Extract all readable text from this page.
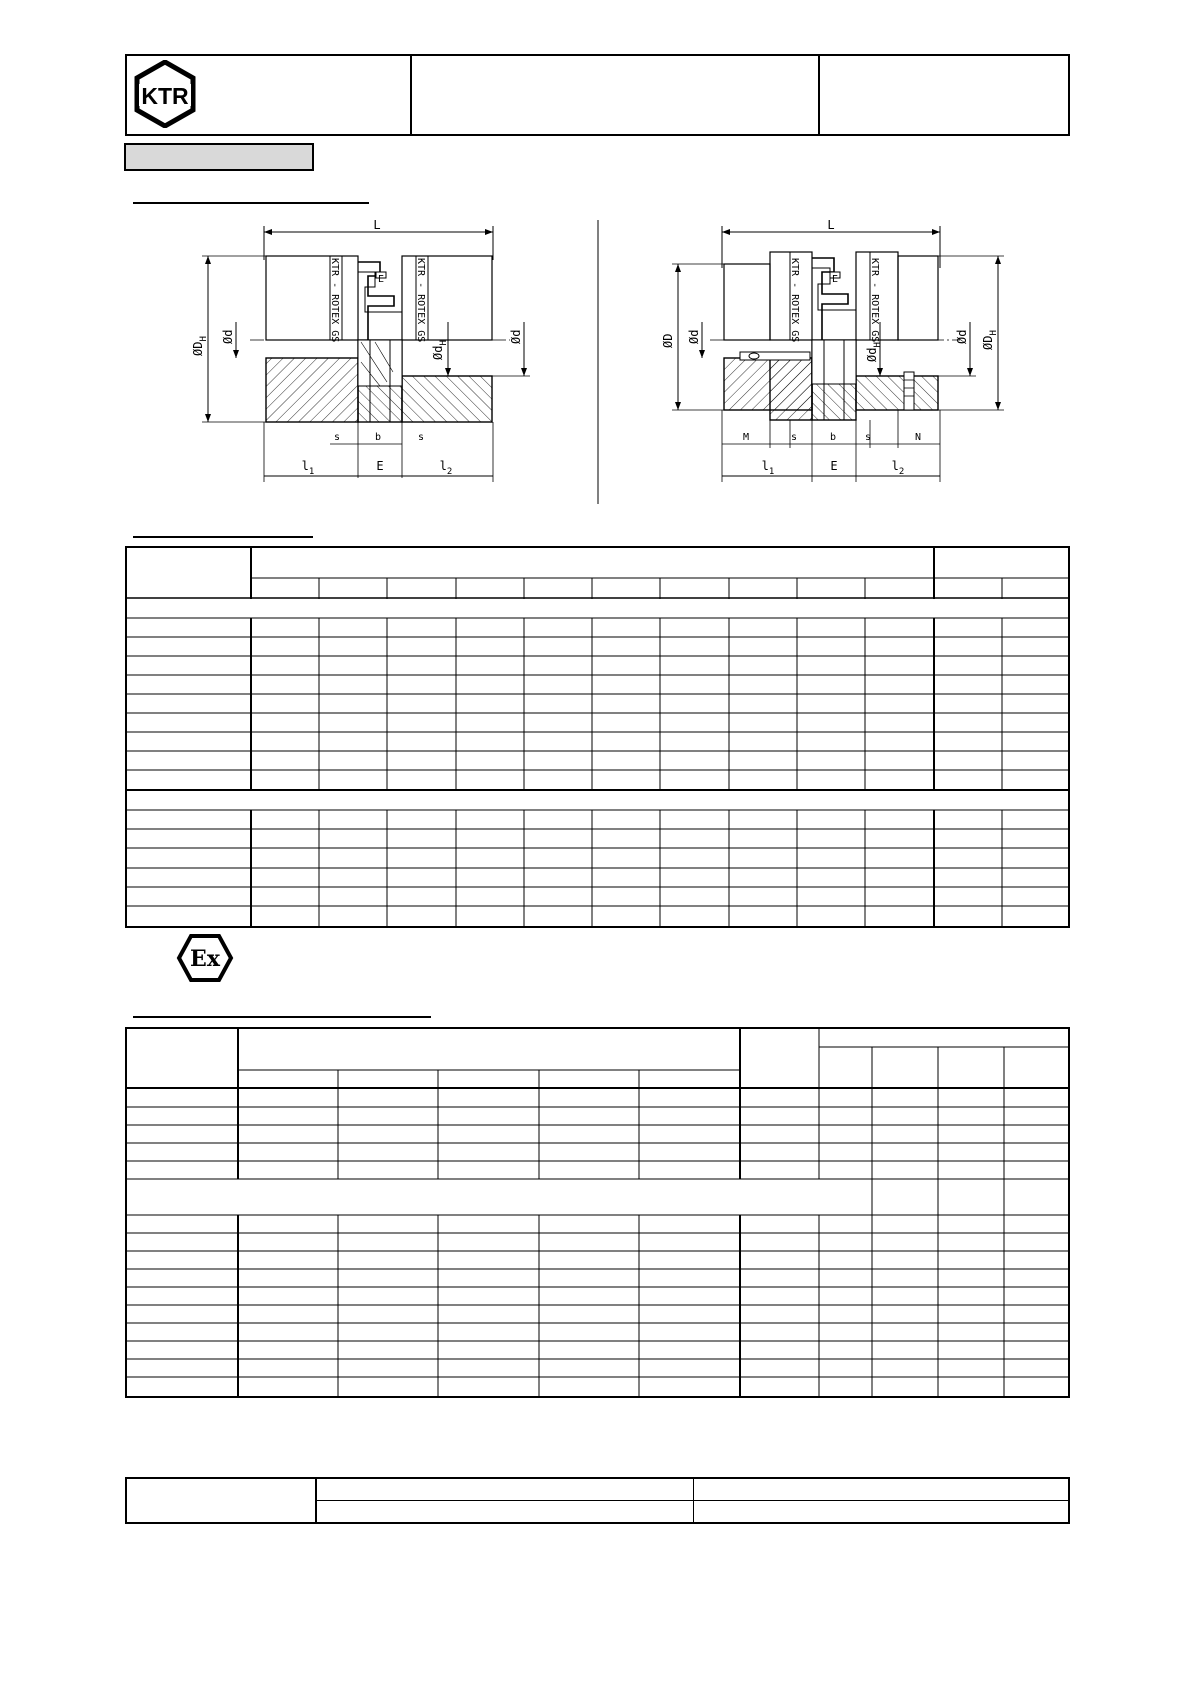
KTR
L
E
KTR - ROTEX GS	KTR - ROTEX GS
$ØD_H$ Ød
$Ød_H$	Ød
s	b	s
$l_1$	E	$l_2$
L
E
KTR - ROTEX GS	KTR - ROTEX GS
ØD Ød
$Ød_H$
Ød $ØD_H$
M	s	b	s	N
$l_1$	E	$l_2$
Ex
